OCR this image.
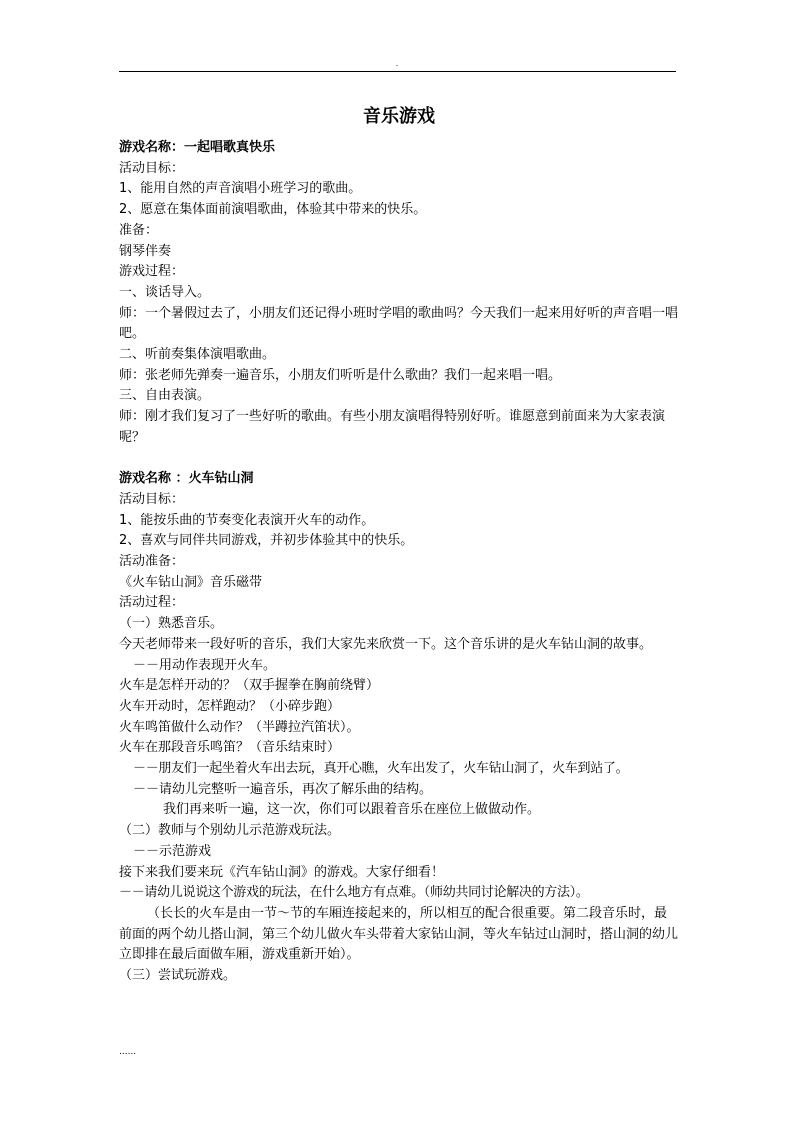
.
音乐游戏
游戏名称：一起唱歌真快乐
活动目标：
1、能用自然的声音演唱小班学习的歌曲。
2、愿意在集体面前演唱歌曲，体验其中带来的快乐。
准备：
钢琴伴奏
游戏过程：
一、谈话导入。
师：一个暑假过去了，小朋友们还记得小班时学唱的歌曲吗？今天我们一起来用好听的声音唱一唱吧。
二、听前奏集体演唱歌曲。
师：张老师先弹奏一遍音乐，小朋友们听听是什么歌曲？我们一起来唱一唱。
三、自由表演。
师：刚才我们复习了一些好听的歌曲。有些小朋友演唱得特别好听。谁愿意到前面来为大家表演呢？
游戏名称 ：火车钻山洞
活动目标：
1、能按乐曲的节奏变化表演开火车的动作。
2、喜欢与同伴共同游戏，并初步体验其中的快乐。
活动准备：
《火车钻山洞》音乐磁带
活动过程：
（一）熟悉音乐。
今天老师带来一段好听的音乐，我们大家先来欣赏一下。这个音乐讲的是火车钻山洞的故事。
－－用动作表现开火车。
火车是怎样开动的？（双手握拳在胸前绕臂）
火车开动时，怎样跑动？（小碎步跑）
火车鸣笛做什么动作？（半蹲拉汽笛状）。
火车在那段音乐鸣笛？（音乐结束时）
－－朋友们一起坐着火车出去玩，真开心瞧，火车出发了，火车钻山洞了，火车到站了。
－－请幼儿完整听一遍音乐，再次了解乐曲的结构。
我们再来听一遍，这一次，你们可以跟着音乐在座位上做做动作。
（二）教师与个别幼儿示范游戏玩法。
－－示范游戏
接下来我们要来玩《汽车钻山洞》的游戏。大家仔细看！
－－请幼儿说说这个游戏的玩法，在什么地方有点难。（师幼共同讨论解决的方法）。
（长长的火车是由一节～节的车厢连接起来的，所以相互的配合很重要。第二段音乐时，最前面的两个幼儿搭山洞，第三个幼儿做火车头带着大家钻山洞，等火车钻过山洞时，搭山洞的幼儿立即排在最后面做车厢，游戏重新开始）。
（三）尝试玩游戏。
......
